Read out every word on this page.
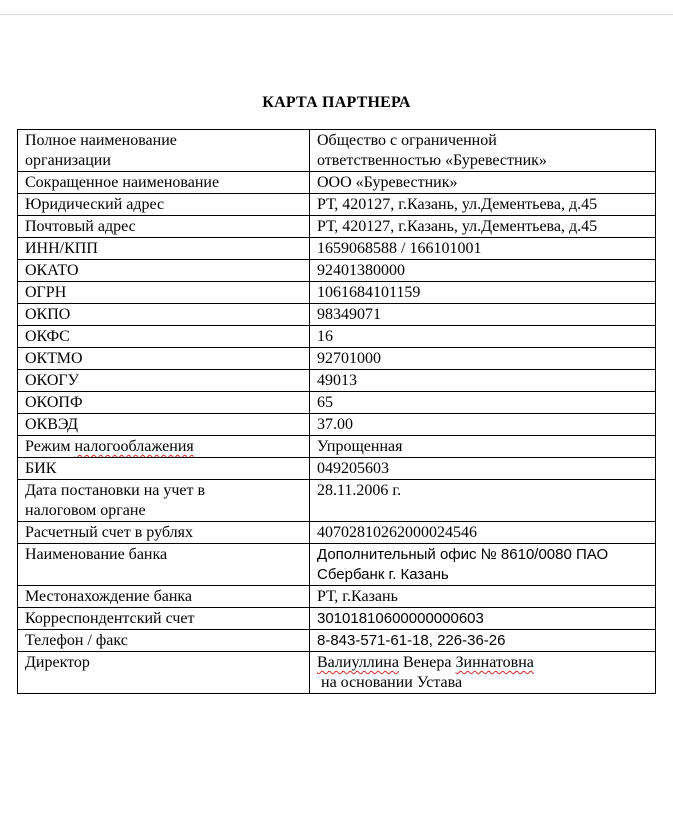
КАРТА ПАРТНЕРА
Полное наименование
организации	Общество с ограниченной
ответственностью «Буревестник»

Сокращенное наименование	ООО «Буревестник»
Юридический адрес	РТ, 420127, г.Казань, ул.Дементьева, д.45
Почтовый адрес	РТ, 420127, г.Казань, ул.Дементьева, д.45
ИНН/КПП	1659068588 / 166101001
ОКАТО	92401380000
ОГРН	1061684101159
ОКПО	98349071
ОКФС	16
ОКТМО	92701000
ОКОГУ	49013
ОКОПФ	65
ОКВЭД	37.00
Режим налогооблажения	Упрощенная
БИК	049205603

Дата постановки на учет в
налоговом органе	28.11.2006 г.
Расчетный счет в рублях	40702810262000024546
Наименование банка	Дополнительный офис № 8610/0080 ПАО
Сбербанк г. Казань

Местонахождение банка	РТ, г.Казань
Корреспондентский счет	30101810600000000603
Телефон / факс	8-843-571-61-18, 226-36-26
Директор	Валиуллина Венера Зиннатовна
на основании Устава
